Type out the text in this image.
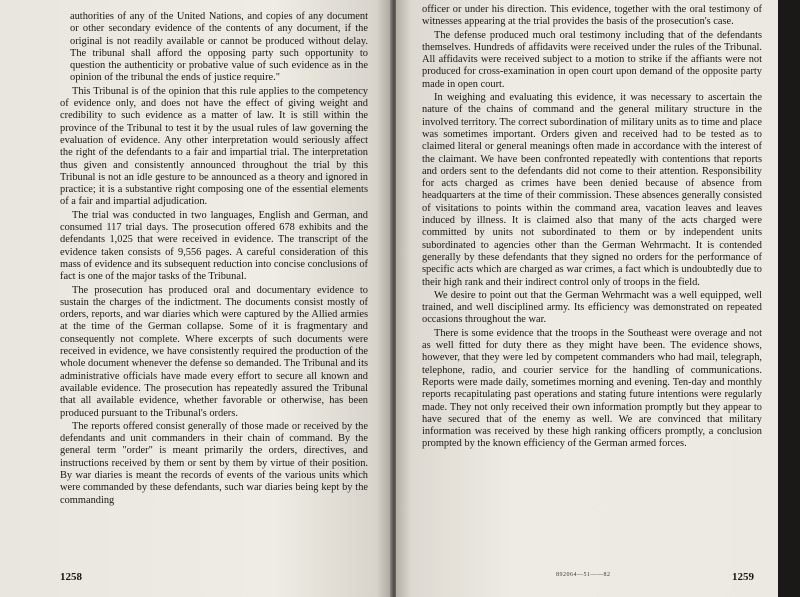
authorities of any of the United Nations, and copies of any document or other secondary evidence of the contents of any document, if the original is not readily available or cannot be produced without delay. The tribunal shall afford the opposing party such opportunity to question the authenticity or probative value of such evidence as in the opinion of the tribunal the ends of justice require."

This Tribunal is of the opinion that this rule applies to the competency of evidence only, and does not have the effect of giving weight and credibility to such evidence as a matter of law. It is still within the province of the Tribunal to test it by the usual rules of law governing the evaluation of evidence. Any other interpretation would seriously affect the right of the defendants to a fair and impartial trial. The interpretation thus given and consistently announced throughout the trial by this Tribunal is not an idle gesture to be announced as a theory and ignored in practice; it is a substantive right composing one of the essential elements of a fair and impartial adjudication.

The trial was conducted in two languages, English and German, and consumed 117 trial days. The prosecution offered 678 exhibits and the defendants 1,025 that were received in evidence. The transcript of the evidence taken consists of 9,556 pages. A careful consideration of this mass of evidence and its subsequent reduction into concise conclusions of fact is one of the major tasks of the Tribunal.

The prosecution has produced oral and documentary evidence to sustain the charges of the indictment. The documents consist mostly of orders, reports, and war diaries which were captured by the Allied armies at the time of the German collapse. Some of it is fragmentary and consequently not complete. Where excerpts of such documents were received in evidence, we have consistently required the production of the whole document whenever the defense so demanded. The Tribunal and its administrative officials have made every effort to secure all known and available evidence. The prosecution has repeatedly assured the Tribunal that all available evidence, whether favorable or otherwise, has been produced pursuant to the Tribunal's orders.

The reports offered consist generally of those made or received by the defendants and unit commanders in their chain of command. By the general term "order" is meant primarily the orders, directives, and instructions received by them or sent by them by virtue of their position. By war diaries is meant the records of events of the various units which were commanded by these defendants, such war diaries being kept by the commanding

1258

officer or under his direction. This evidence, together with the oral testimony of witnesses appearing at the trial provides the basis of the prosecution's case.

The defense produced much oral testimony including that of the defendants themselves. Hundreds of affidavits were received under the rules of the Tribunal. All affidavits were received subject to a motion to strike if the affiants were not produced for cross-examination in open court upon demand of the opposite party made in open court.

In weighing and evaluating this evidence, it was necessary to ascertain the nature of the chains of command and the general military structure in the involved territory. The correct subordination of military units as to time and place was sometimes important. Orders given and received had to be tested as to claimed literal or general meanings often made in accordance with the interest of the claimant. We have been confronted repeatedly with contentions that reports and orders sent to the defendants did not come to their attention. Responsibility for acts charged as crimes have been denied because of absence from headquarters at the time of their commission. These absences generally consisted of visitations to points within the command area, vacation leaves and leaves induced by illness. It is claimed also that many of the acts charged were committed by units not subordinated to them or by independent units subordinated to agencies other than the German Wehrmacht. It is contended generally by these defendants that they signed no orders for the performance of specific acts which are charged as war crimes, a fact which is undoubtedly due to their high rank and their indirect control only of troops in the field.

We desire to point out that the German Wehrmacht was a well equipped, well trained, and well disciplined army. Its efficiency was demonstrated on repeated occasions throughout the war.

There is some evidence that the troops in the Southeast were overage and not as well fitted for duty there as they might have been. The evidence shows, however, that they were led by competent commanders who had mail, telegraph, telephone, radio, and courier service for the handling of communications. Reports were made daily, sometimes morning and evening. Ten-day and monthly reports recapitulating past operations and stating future intentions were regularly made. They not only received their own information promptly but they appear to have secured that of the enemy as well. We are convinced that military information was received by these high ranking officers promptly, a conclusion prompted by the known efficiency of the German armed forces.

892064—51——82	1259
